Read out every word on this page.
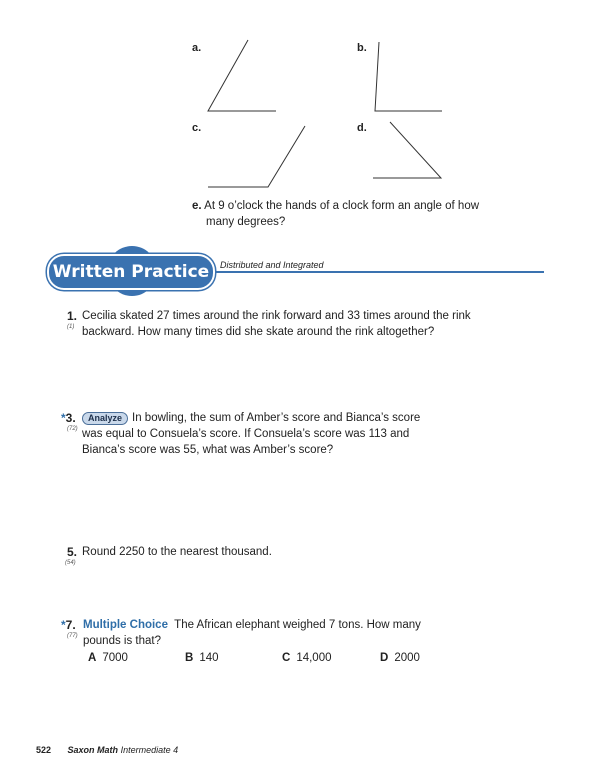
a.	b.
c.	d.
e. At 9 o’clock the hands of a clock form an angle of how
many degrees?
Written Practice	Distributed and Integrated
1.
(1)
Cecilia skated 27 times around the rink forward and 33 times around the rink
backward. How many times did she skate around the rink altogether?
*3.
(72)
Analyze In bowling, the sum of Amber’s score and Bianca’s score
was equal to Consuela’s score. If Consuela’s score was 113 and
Bianca’s score was 55, what was Amber’s score?
5.
(54)
Round 2250 to the nearest thousand.
*7.
(77)
Multiple Choice The African elephant weighed 7 tons. How many
pounds is that?
A 7000	B 140	C 14,000	D 2000
522 Saxon Math Intermediate 4
